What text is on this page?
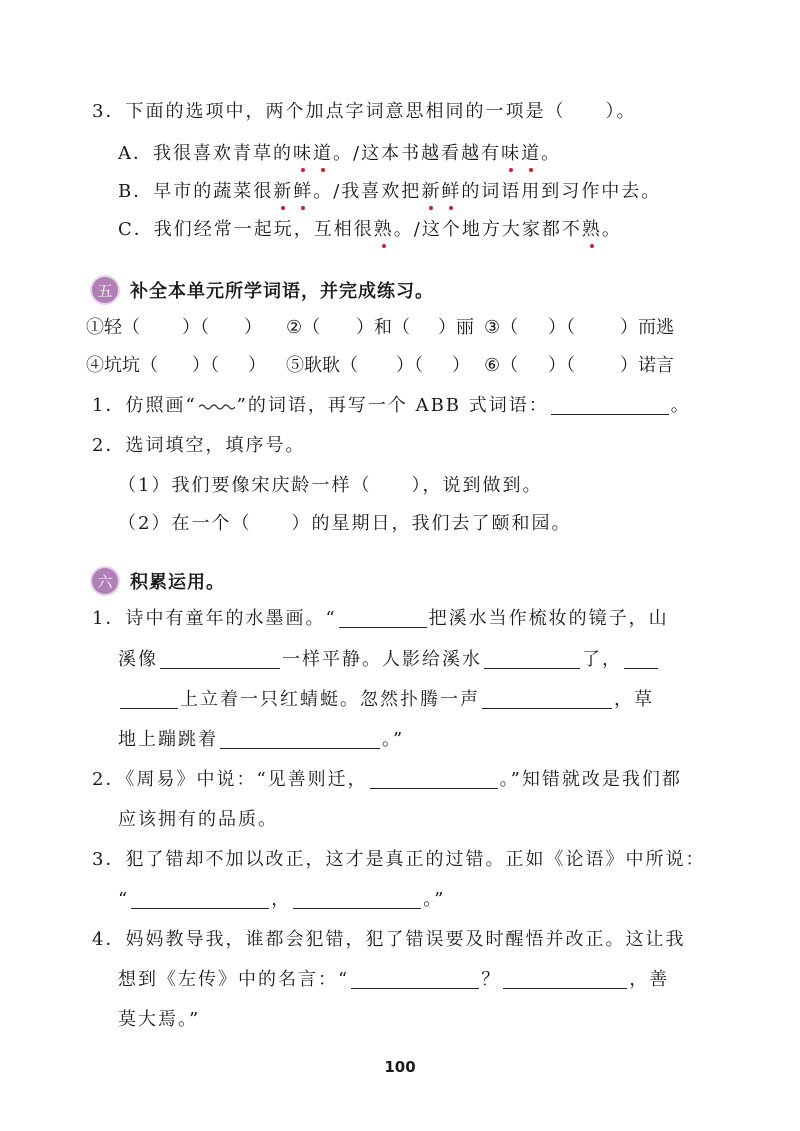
3．下面的选项中，两个加点字词意思相同的一项是（　　）。
A．我很喜欢青草的味道。/这本书越看越有味道。
B．早市的蔬菜很新鲜。/我喜欢把新鲜的词语用到习作中去。
C．我们经常一起玩，互相很熟。/这个地方大家都不熟。
五 补全本单元所学词语，并完成练习。
①轻（ ）（ ） ②（ ）和（ ）丽 ③（ ）（	）而逃
④坑坑（ ）（ ） ⑤耿耿（ ）（ ） ⑥（ ）（	）诺言
1．仿照画“ ”的词语，再写一个 ABB 式词语：	。
2．选词填空，填序号。
（1）我们要像宋庆龄一样（　　），说到做到。
（2）在一个（　　）的星期日，我们去了颐和园。
六 积累运用。
1．诗中有童年的水墨画。“	把溪水当作梳妆的镜子，山
溪像	一样平静。人影给溪水	了，
上立着一只红蜻蜓。忽然扑腾一声	，草
地上蹦跳着	。”
2．《周易》中说：“见善则迁，	。”知错就改是我们都
应该拥有的品质。
3．犯了错却不加以改正，这才是真正的过错。正如《论语》中所说：
“	，	。”
4．妈妈教导我，谁都会犯错，犯了错误要及时醒悟并改正。这让我
想到《左传》中的名言：“	？	，善
莫大焉。”
100
